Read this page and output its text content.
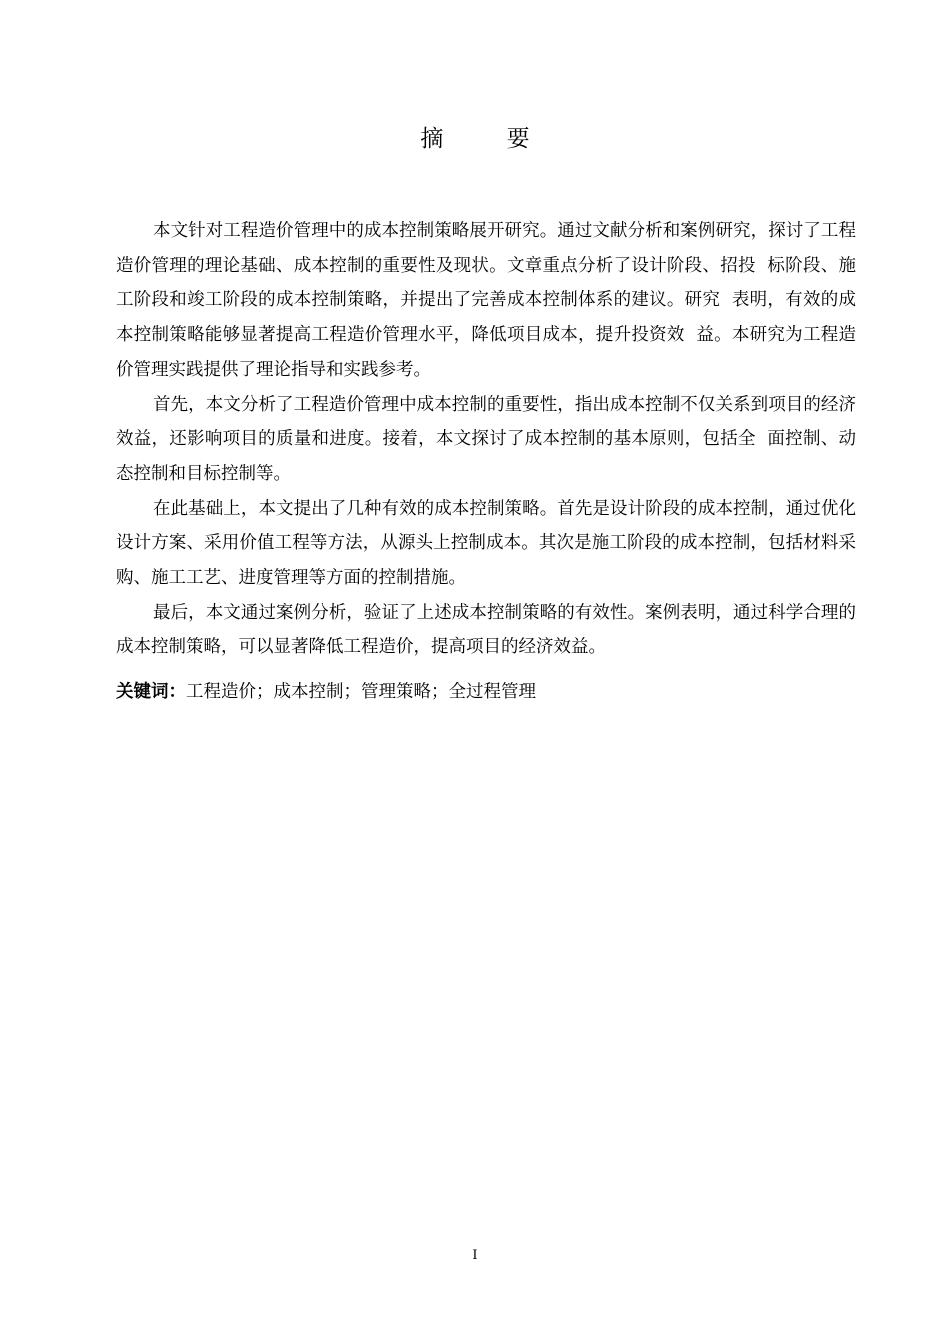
摘 要

本文针对工程造价管理中的成本控制策略展开研究。通过文献分析和案例研究，探讨了工程造价管理的理论基础、成本控制的重要性及现状。文章重点分析了设计阶段、招投  标阶段、施工阶段和竣工阶段的成本控制策略，并提出了完善成本控制体系的建议。研究  表明，有效的成本控制策略能够显著提高工程造价管理水平，降低项目成本，提升投资效  益。本研究为工程造价管理实践提供了理论指导和实践参考。

首先，本文分析了工程造价管理中成本控制的重要性，指出成本控制不仅关系到项目的经济效益，还影响项目的质量和进度。接着，本文探讨了成本控制的基本原则，包括全  面控制、动态控制和目标控制等。

在此基础上，本文提出了几种有效的成本控制策略。首先是设计阶段的成本控制，通过优化设计方案、采用价值工程等方法，从源头上控制成本。其次是施工阶段的成本控制，包括材料采购、施工工艺、进度管理等方面的控制措施。

最后，本文通过案例分析，验证了上述成本控制策略的有效性。案例表明，通过科学合理的成本控制策略，可以显著降低工程造价，提高项目的经济效益。

关键词：工程造价；成本控制；管理策略；全过程管理

I
